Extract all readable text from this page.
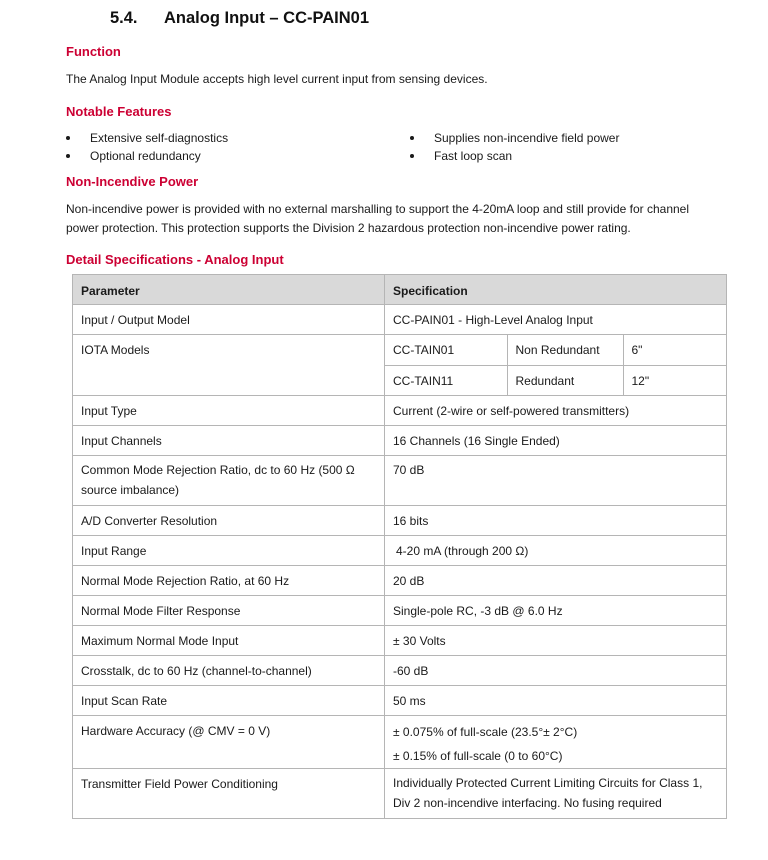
5.4. Analog Input – CC-PAIN01
Function
The Analog Input Module accepts high level current input from sensing devices.
Notable Features
Extensive self-diagnostics
Optional redundancy
Supplies non-incendive field power
Fast loop scan
Non-Incendive Power
Non-incendive power is provided with no external marshalling to support the 4-20mA loop and still provide for channel
power protection. This protection supports the Division 2 hazardous protection non-incendive power rating.
Detail Specifications - Analog Input
Parameter	Specification
Input / Output Model	CC-PAIN01 - High-Level Analog Input
IOTA Models		CC-TAIN01	Non Redundant	6"
CC-TAIN11	Redundant	12"

Input Type	Current (2-wire or self-powered transmitters)
Input Channels	16 Channels (16 Single Ended)

Common Mode Rejection Ratio, dc to 60 Hz (500 Ω
source imbalance)
	70 dB
A/D Converter Resolution	16 bits
Input Range	4-20 mA (through 200 Ω)
Normal Mode Rejection Ratio, at 60 Hz	20 dB
Normal Mode Filter Response	Single-pole RC, -3 dB @ 6.0 Hz
Maximum Normal Mode Input	± 30 Volts
Crosstalk, dc to 60 Hz (channel-to-channel)	-60 dB
Input Scan Rate	50 ms
Hardware Accuracy (@ CMV = 0 V)	± 0.075% of full-scale (23.5°± 2°C)
± 0.15% of full-scale (0 to 60°C)

Transmitter Field Power Conditioning	Individually Protected Current Limiting Circuits for Class 1,
Div 2 non-incendive interfacing. No fusing required
